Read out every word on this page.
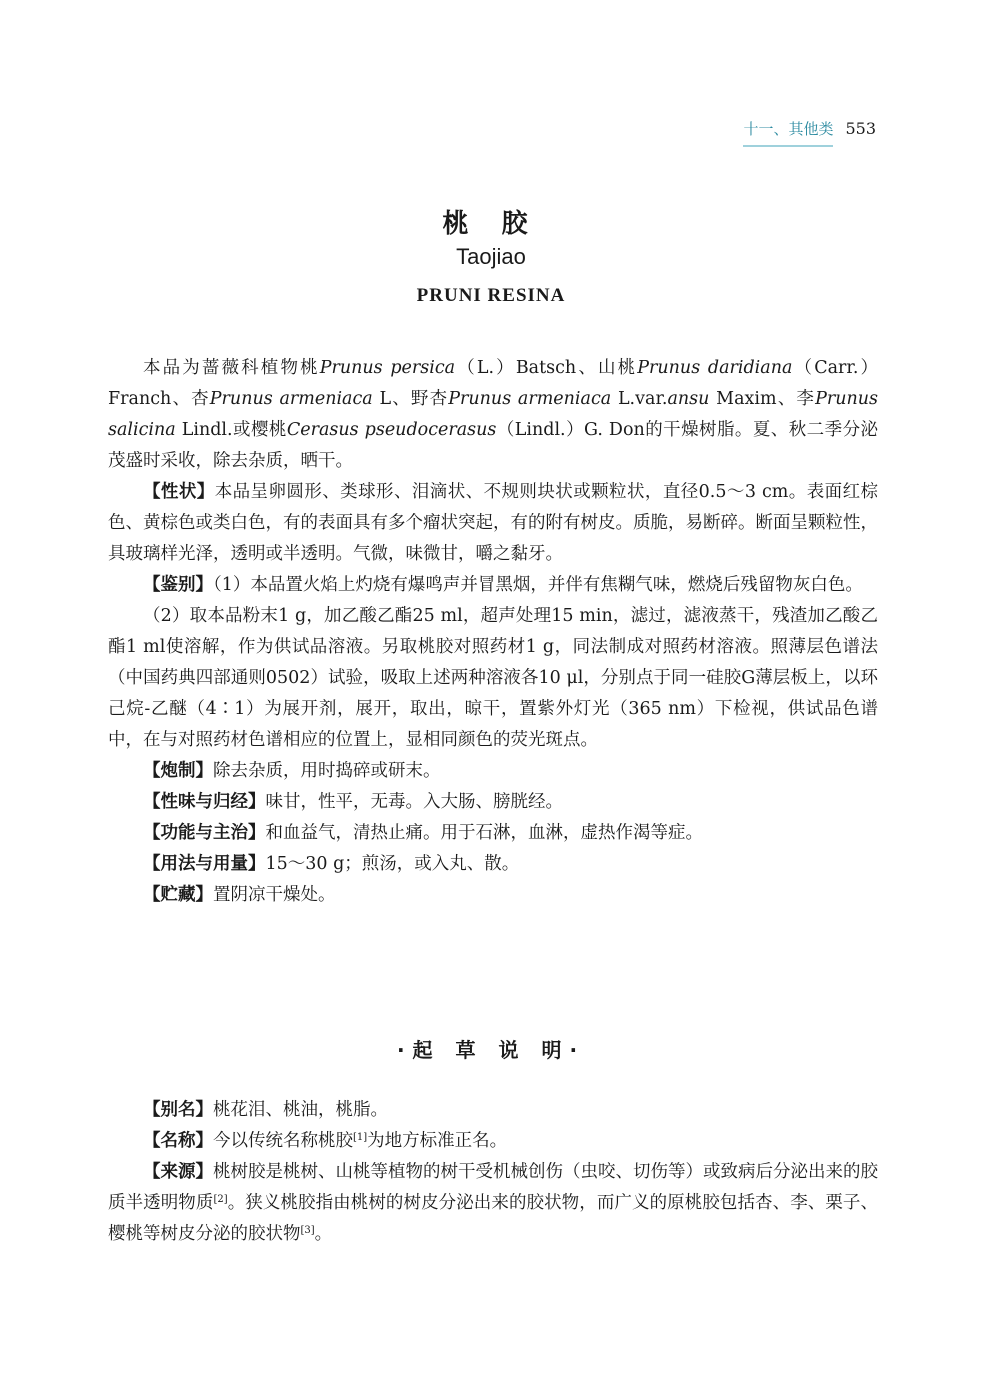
十一、其他类 553
桃 胶
Taojiao
PRUNI RESINA

本品为蔷薇科植物桃Prunus persica（L.）Batsch、山桃Prunus daridiana（Carr.）Franch、杏Prunus armeniaca L、野杏Prunus armeniaca L.var.ansu Maxim、李Prunus salicina Lindl.或樱桃Cerasus pseudocerasus（Lindl.）G. Don的干燥树脂。夏、秋二季分泌茂盛时采收，除去杂质，晒干。

【性状】本品呈卵圆形、类球形、泪滴状、不规则块状或颗粒状，直径0.5～3 cm。表面红棕色、黄棕色或类白色，有的表面具有多个瘤状突起，有的附有树皮。质脆，易断碎。断面呈颗粒性，具玻璃样光泽，透明或半透明。气微，味微甘，嚼之黏牙。

【鉴别】（1）本品置火焰上灼烧有爆鸣声并冒黑烟，并伴有焦糊气味，燃烧后残留物灰白色。

（2）取本品粉末1 g，加乙酸乙酯25 ml，超声处理15 min，滤过，滤液蒸干，残渣加乙酸乙酯1 ml使溶解，作为供试品溶液。另取桃胶对照药材1 g，同法制成对照药材溶液。照薄层色谱法（中国药典四部通则0502）试验，吸取上述两种溶液各10 μl，分别点于同一硅胶G薄层板上，以环己烷-乙醚（4∶1）为展开剂，展开，取出，晾干，置紫外灯光（365 nm）下检视，供试品色谱中，在与对照药材色谱相应的位置上，显相同颜色的荧光斑点。

【炮制】除去杂质，用时捣碎或研末。

【性味与归经】味甘，性平，无毒。入大肠、膀胱经。

【功能与主治】和血益气，清热止痛。用于石淋，血淋，虚热作渴等症。

【用法与用量】15～30 g；煎汤，或入丸、散。

【贮藏】置阴凉干燥处。

·起 草 说 明·

【别名】桃花泪、桃油，桃脂。

【名称】今以传统名称桃胶[1]为地方标准正名。

【来源】桃树胶是桃树、山桃等植物的树干受机械创伤（虫咬、切伤等）或致病后分泌出来的胶质半透明物质[2]。狭义桃胶指由桃树的树皮分泌出来的胶状物，而广义的原桃胶包括杏、李、栗子、樱桃等树皮分泌的胶状物[3]。
